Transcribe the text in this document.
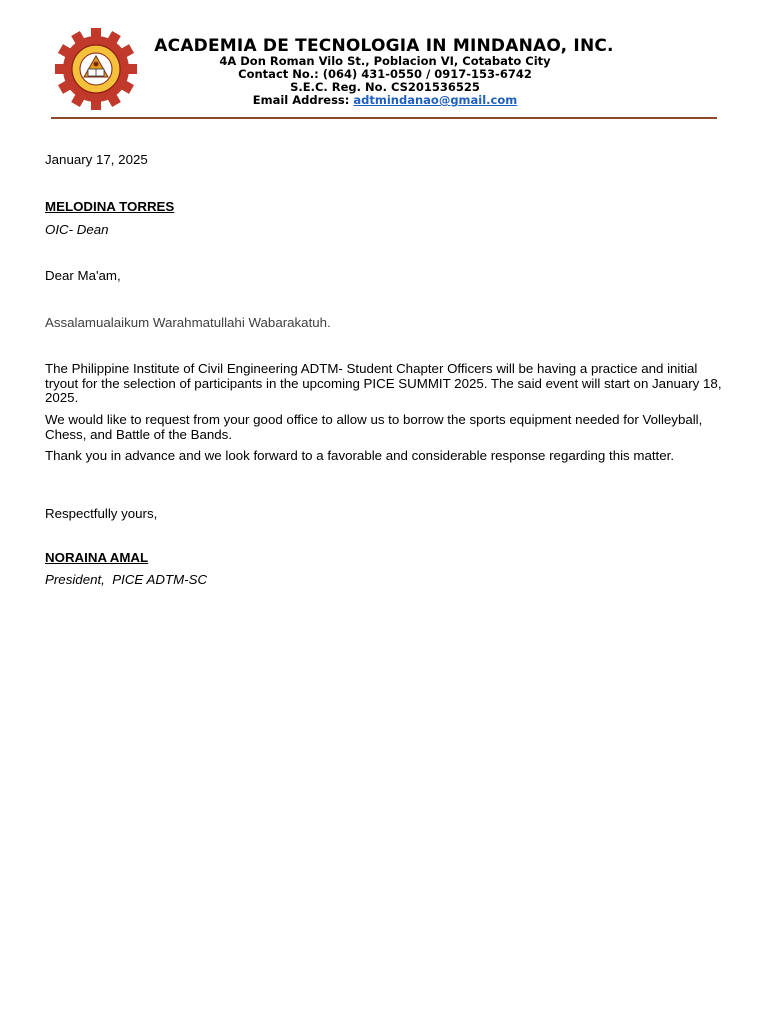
ACADEMIA DE TECNOLOGIA IN MINDANAO, INC.
4A Don Roman Vilo St., Poblacion VI, Cotabato City
Contact No.: (064) 431-0550 / 0917-153-6742
S.E.C. Reg. No. CS201536525
Email Address: adtmindanao@gmail.com
January 17, 2025
MELODINA TORRES
OIC- Dean
Dear Ma'am,
Assalamualaikum Warahmatullahi Wabarakatuh.
The Philippine Institute of Civil Engineering ADTM- Student Chapter Officers will be having a practice and initial tryout for the selection of participants in the upcoming PICE SUMMIT 2025. The said event will start on January 18, 2025.
We would like to request from your good office to allow us to borrow the sports equipment needed for Volleyball, Chess, and Battle of the Bands.
Thank you in advance and we look forward to a favorable and considerable response regarding this matter.
Respectfully yours,
NORAINA AMAL
President,  PICE ADTM-SC
